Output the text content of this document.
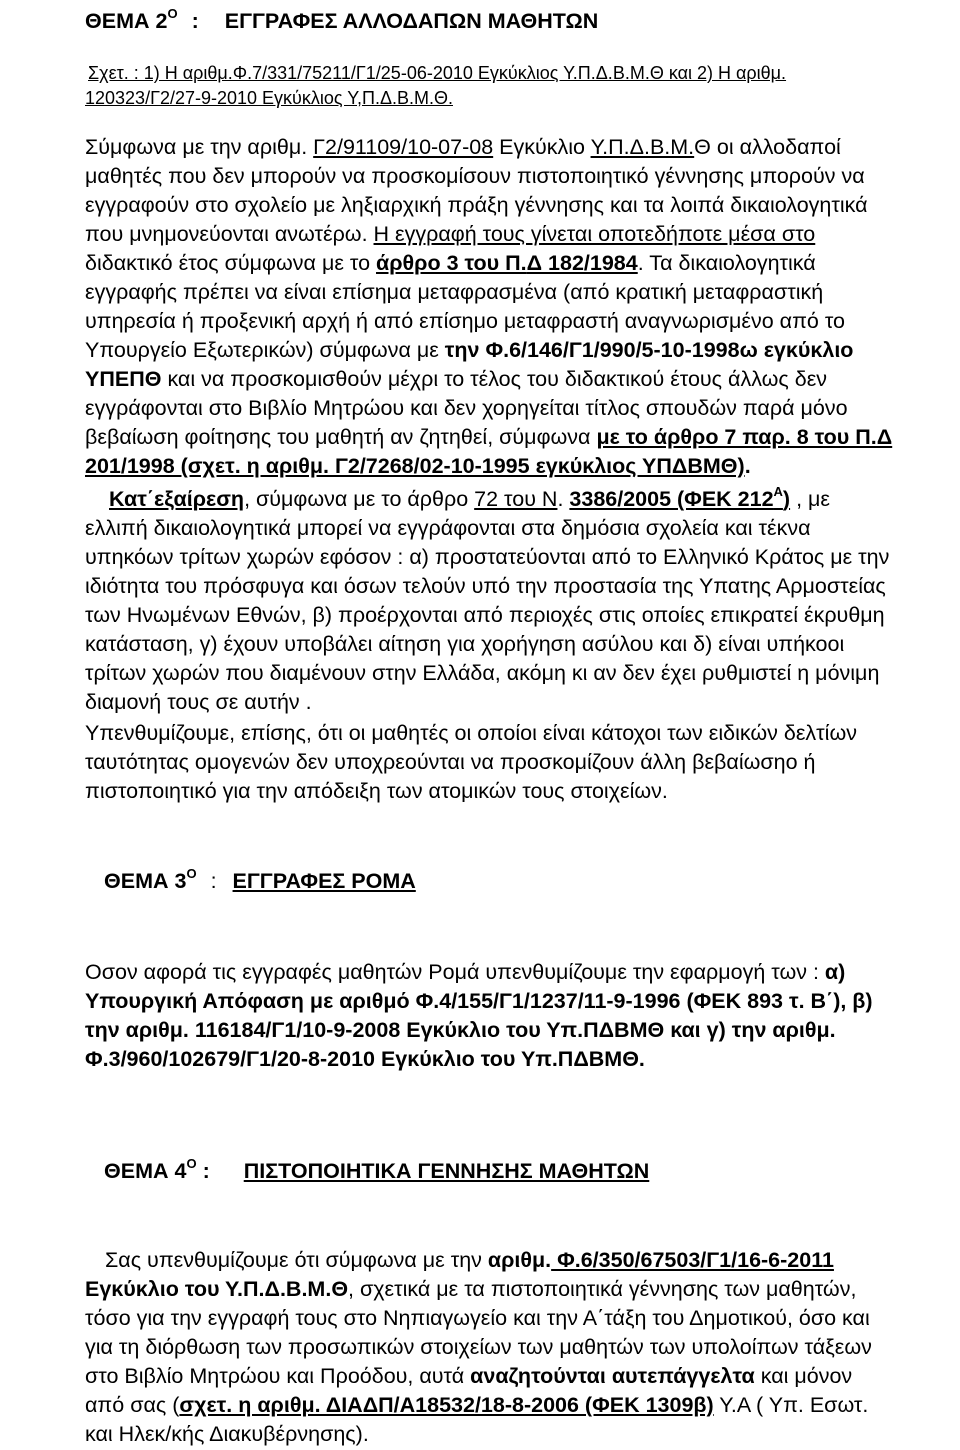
ΘΕΜΑ $2^O$ : ΕΓΓΡΑΦΕΣ ΑΛΛΟΔΑΠΩΝ ΜΑΘΗΤΩΝ
Σχετ. : 1) Η αριθμ.Φ.7/331/75211/Γ1/25-06-2010 Εγκύκλιος Υ.Π.Δ.Β.Μ.Θ και 2) Η αριθμ.
120323/Γ2/27-9-2010 Εγκύκλιος Υ,Π.Δ.Β.Μ.Θ.
Σύμφωνα με την αριθμ. Γ2/91109/10-07-08 Εγκύκλιο Υ.Π.Δ.Β.Μ.Θ οι αλλοδαποί
μαθητές που δεν μπορούν να προσκομίσουν πιστοποιητικό γέννησης μπορούν να
εγγραφούν στο σχολείο με ληξιαρχική πράξη γέννησης και τα λοιπά δικαιολογητικά
που μνημονεύονται ανωτέρω. Η εγγραφή τους γίνεται οποτεδήποτε μέσα στο
διδακτικό έτος σύμφωνα με το άρθρο 3 του Π.Δ 182/1984. Τα δικαιολογητικά
εγγραφής πρέπει να είναι επίσημα μεταφρασμένα (από κρατική μεταφραστική
υπηρεσία ή προξενική αρχή ή από επίσημο μεταφραστή αναγνωρισμένο από το
Υπουργείο Εξωτερικών) σύμφωνα με την Φ.6/146/Γ1/990/5-10-1998ω εγκύκλιο
ΥΠΕΠΘ και να προσκομισθούν μέχρι το τέλος του διδακτικού έτους άλλως δεν
εγγράφονται στο Βιβλίο Μητρώου και δεν χορηγείται τίτλος σπουδών παρά μόνο
βεβαίωση φοίτησης του μαθητή αν ζητηθεί, σύμφωνα με το άρθρο 7 παρ. 8 του Π.Δ
201/1998 (σχετ. η αριθμ. Γ2/7268/02-10-1995 εγκύκλιος ΥΠΔΒΜΘ).
Κατ΄εξαίρεση, σύμφωνα με το άρθρο 72 του Ν. 3386/2005 (ΦΕΚ $212^A$) , με
ελλιπή δικαιολογητικά μπορεί να εγγράφονται στα δημόσια σχολεία και τέκνα
υπηκόων τρίτων χωρών εφόσον : α) προστατεύονται από το Ελληνικό Κράτος με την
ιδιότητα του πρόσφυγα και όσων τελούν υπό την προστασία της Υπατης Αρμοστείας
των Ηνωμένων Εθνών, β) προέρχονται από περιοχές στις οποίες επικρατεί έκρυθμη
κατάσταση, γ) έχουν υποβάλει αίτηση για χορήγηση ασύλου και δ) είναι υπήκοοι
τρίτων χωρών που διαμένουν στην Ελλάδα, ακόμη κι αν δεν έχει ρυθμιστεί η μόνιμη
διαμονή τους σε αυτήν .
Υπενθυμίζουμε, επίσης, ότι οι μαθητές οι οποίοι είναι κάτοχοι των ειδικών δελτίων
ταυτότητας ομογενών δεν υποχρεούνται να προσκομίζουν άλλη βεβαίωσηο ή
πιστοποιητικό για την απόδειξη των ατομικών τους στοιχείων.
ΘΕΜΑ $3^O$ : ΕΓΓΡΑΦΕΣ ΡΟΜΑ
Οσον αφορά τις εγγραφές μαθητών Ρομά υπενθυμίζουμε την εφαρμογή των : α)
Υπουργική Απόφαση με αριθμό Φ.4/155/Γ1/1237/11-9-1996 (ΦΕΚ 893 τ. Β΄), β)
την αριθμ. 116184/Γ1/10-9-2008 Εγκύκλιο του Υπ.ΠΔΒΜΘ και γ) την αριθμ.
Φ.3/960/102679/Γ1/20-8-2010 Εγκύκλιο του Υπ.ΠΔΒΜΘ.
ΘΕΜΑ $4^O$ : ΠΙΣΤΟΠΟΙΗΤΙΚΑ ΓΕΝΝΗΣΗΣ ΜΑΘΗΤΩΝ
Σας υπενθυμίζουμε ότι σύμφωνα με την αριθμ. Φ.6/350/67503/Γ1/16-6-2011
Εγκύκλιο του Υ.Π.Δ.Β.Μ.Θ, σχετικά με τα πιστοποιητικά γέννησης των μαθητών,
τόσο για την εγγραφή τους στο Νηπιαγωγείο και την Α΄τάξη του Δημοτικού, όσο και
για τη διόρθωση των προσωπικών στοιχείων των μαθητών των υπολοίπων τάξεων
στο Βιβλίο Μητρώου και Προόδου, αυτά αναζητούνται αυτεπάγγελτα και μόνον
από σας (σχετ. η αριθμ. ΔΙΑΔΠ/Α18532/18-8-2006 (ΦΕΚ 1309β) Υ.Α ( Υπ. Εσωτ.
και Ηλεκ/κής Διακυβέρνησης).
